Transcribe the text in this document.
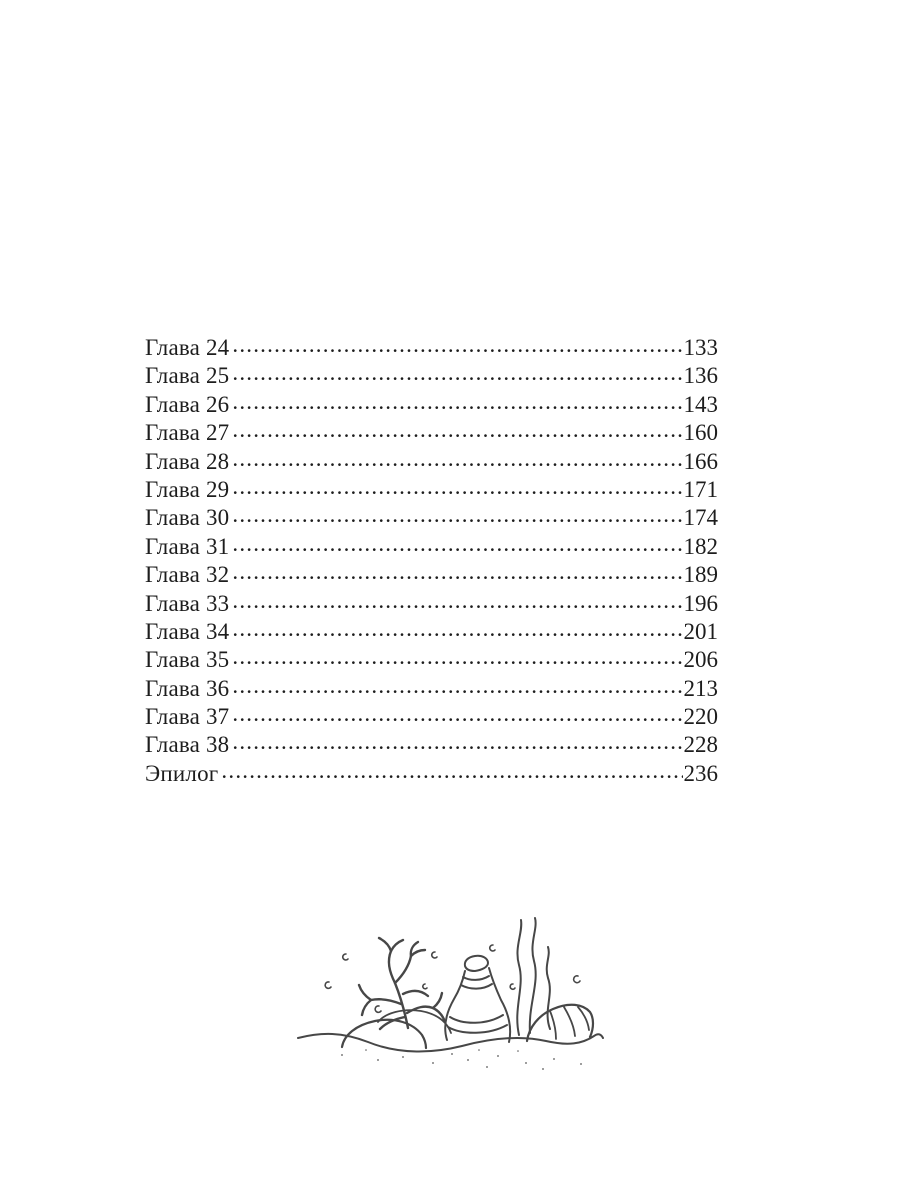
Глава 24 .....	133
Глава 25 .....	136
Глава 26 .....	143
Глава 27 .....	160
Глава 28 .....	166
Глава 29 .....	171
Глава 30 .....	174
Глава 31 .....	182
Глава 32 .....	189
Глава 33 .....	196
Глава 34 .....	201
Глава 35 .....	206
Глава 36 .....	213
Глава 37 .....	220
Глава 38 .....	228
Эпилог .....	236
